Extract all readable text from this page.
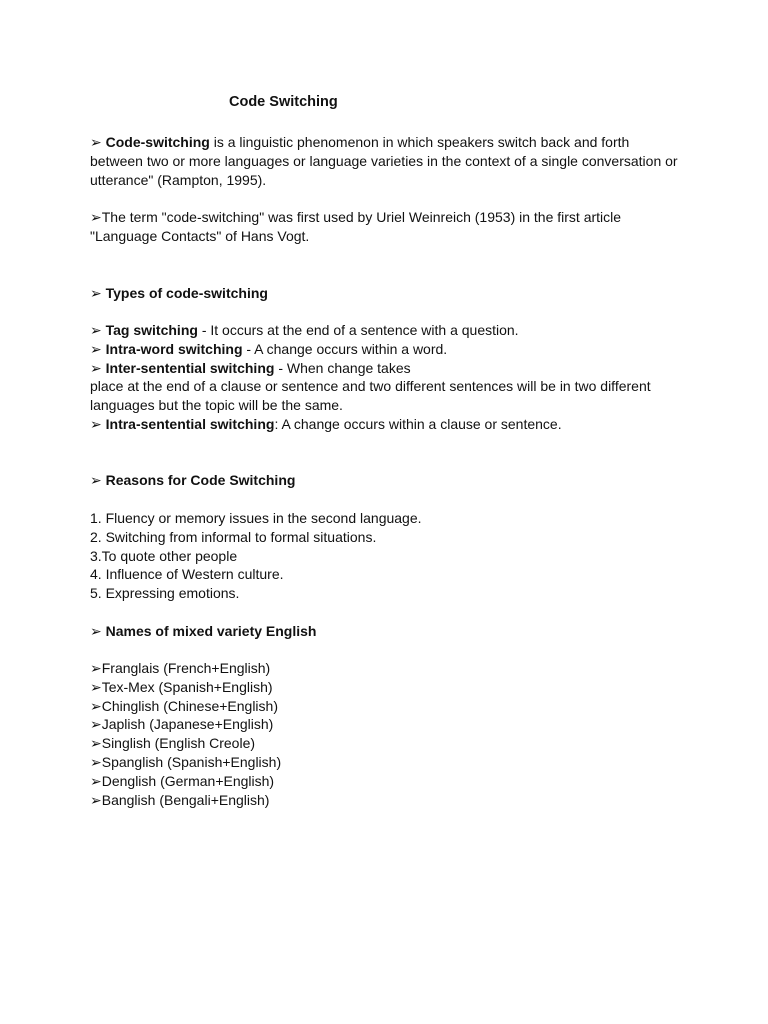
Code Switching
➢ Code-switching is a linguistic phenomenon in which speakers switch back and forth
between two or more languages or language varieties in the context of a single conversation or
utterance" (Rampton, 1995).
➢The term "code-switching" was first used by Uriel Weinreich (1953) in the first article
"Language Contacts" of Hans Vogt.
➢ Types of code-switching
➢ Tag switching - It occurs at the end of a sentence with a question.
➢ Intra-word switching - A change occurs within a word.
➢ Inter-sentential switching - When change takes
place at the end of a clause or sentence and two different sentences will be in two different
languages but the topic will be the same.
➢ Intra-sentential switching: A change occurs within a clause or sentence.
➢ Reasons for Code Switching
1. Fluency or memory issues in the second language.
2. Switching from informal to formal situations.
3.To quote other people
4. Influence of Western culture.
5. Expressing emotions.
➢ Names of mixed variety English
➢Franglais (French+English)
➢Tex-Mex (Spanish+English)
➢Chinglish (Chinese+English)
➢Japlish (Japanese+English)
➢Singlish (English Creole)
➢Spanglish (Spanish+English)
➢Denglish (German+English)
➢Banglish (Bengali+English)
